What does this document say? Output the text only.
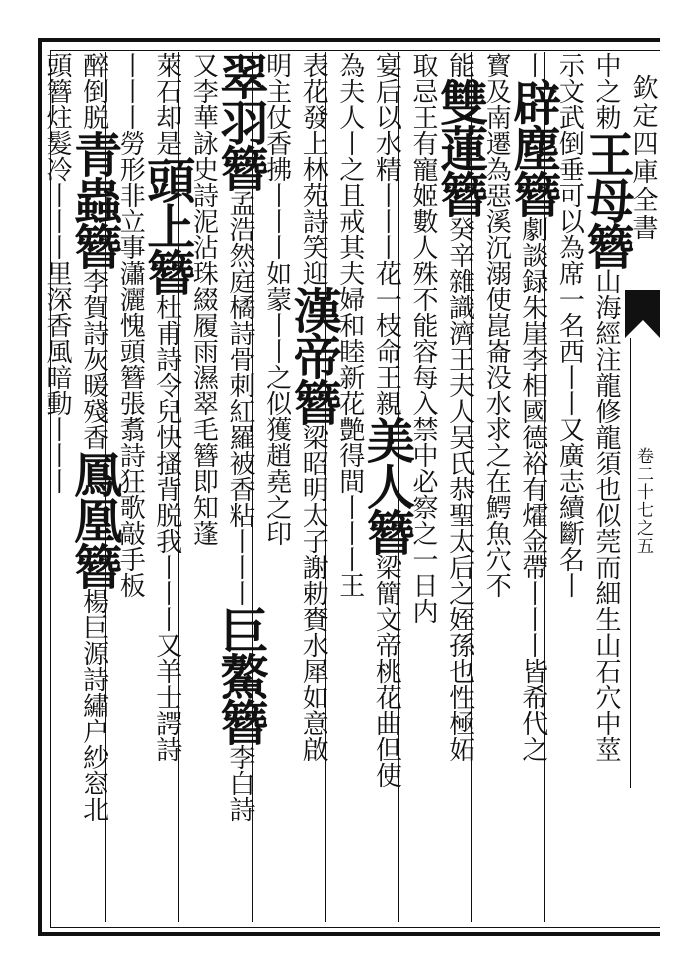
欽定四庫全書
卷二十七之五
中之勅王母簪山海經注龍修龍須也似莞而細生山石穴中莖
示文武倒垂可以為席一名西丨丨又廣志續斷名丨
丨辟塵簪劇談録朱崖李相國德裕有㸌金帶丨丨丨皆希代之
寳及南遷為惡溪沉溺使崑崙没水求之在鰐魚穴不
能雙蓮簪癸辛雜識濟王夫人吴氏恭聖太后之姪孫也性極妬
取忌王有寵姬數人殊不能容每入禁中必察之一日内
宴后以水精丨丨丨花一枝命王親美人簪梁簡文帝桃花曲但使
為夫人丨之且戒其夫婦和睦新花艶得間丨丨丨王
表花發上林苑詩笑迎漢帝簪梁昭明太子謝勅賚水犀如意啟
明主仗香拂丨丨丨如蒙丨丨之似獲趙堯之印
翠羽簪孟浩然庭橘詩骨刺紅羅被香粘丨丨丨巨鰲簪李白詩
又李華詠史詩泥沾珠綴履雨濕翠毛簪即知蓬
萊石却是頭上簪杜甫詩令兒快搔背脱我丨丨丨又羊士諤詩
丨丨丨勞形非立事瀟灑愧頭簪張翥詩狂歌敲手板
醉倒脱青蟲簪李賀詩灰暖殘香鳳凰簪楊巨源詩繡户紗窓北
頭簪炷髮冷丨丨丨里深香風暗動丨丨丨
